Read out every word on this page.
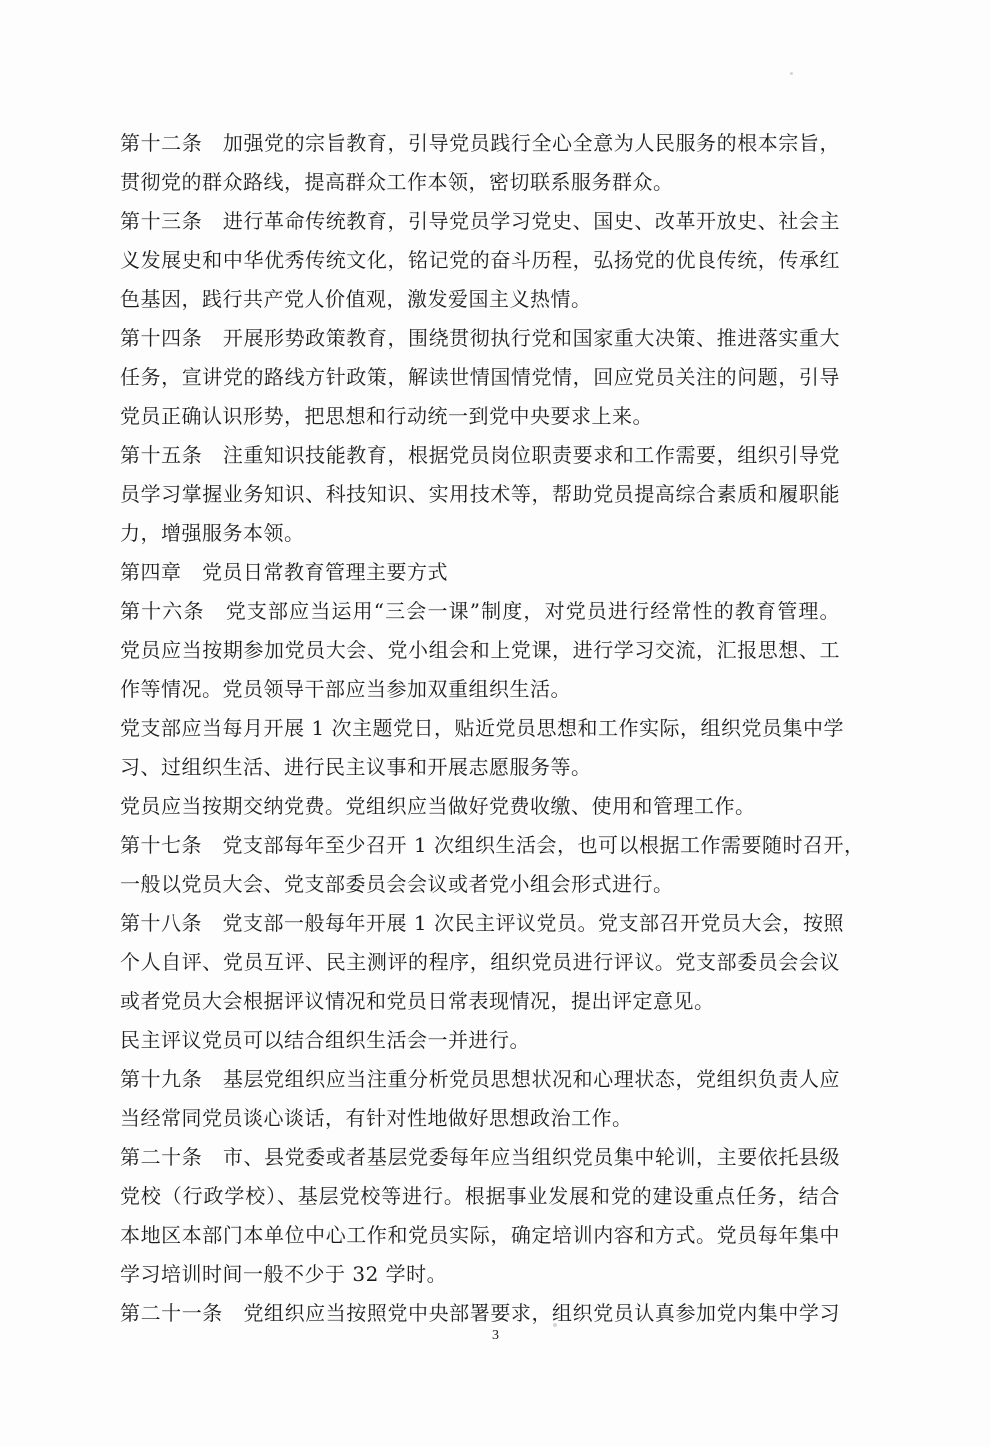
第十二条　加强党的宗旨教育，引导党员践行全心全意为人民服务的根本宗旨，
贯彻党的群众路线，提高群众工作本领，密切联系服务群众。
第十三条　进行革命传统教育，引导党员学习党史、国史、改革开放史、社会主
义发展史和中华优秀传统文化，铭记党的奋斗历程，弘扬党的优良传统，传承红
色基因，践行共产党人价值观，激发爱国主义热情。
第十四条　开展形势政策教育，围绕贯彻执行党和国家重大决策、推进落实重大
任务，宣讲党的路线方针政策，解读世情国情党情，回应党员关注的问题，引导
党员正确认识形势，把思想和行动统一到党中央要求上来。
第十五条　注重知识技能教育，根据党员岗位职责要求和工作需要，组织引导党
员学习掌握业务知识、科技知识、实用技术等，帮助党员提高综合素质和履职能
力，增强服务本领。
第四章　党员日常教育管理主要方式
第十六条　党支部应当运用“三会一课”制度，对党员进行经常性的教育管理。
党员应当按期参加党员大会、党小组会和上党课，进行学习交流，汇报思想、工
作等情况。党员领导干部应当参加双重组织生活。
党支部应当每月开展 1 次主题党日，贴近党员思想和工作实际，组织党员集中学
习、过组织生活、进行民主议事和开展志愿服务等。
党员应当按期交纳党费。党组织应当做好党费收缴、使用和管理工作。
第十七条　党支部每年至少召开 1 次组织生活会，也可以根据工作需要随时召开，
一般以党员大会、党支部委员会会议或者党小组会形式进行。
第十八条　党支部一般每年开展 1 次民主评议党员。党支部召开党员大会，按照
个人自评、党员互评、民主测评的程序，组织党员进行评议。党支部委员会会议
或者党员大会根据评议情况和党员日常表现情况，提出评定意见。
民主评议党员可以结合组织生活会一并进行。
第十九条　基层党组织应当注重分析党员思想状况和心理状态，党组织负责人应
当经常同党员谈心谈话，有针对性地做好思想政治工作。
第二十条　市、县党委或者基层党委每年应当组织党员集中轮训，主要依托县级
党校（行政学校）、基层党校等进行。根据事业发展和党的建设重点任务，结合
本地区本部门本单位中心工作和党员实际，确定培训内容和方式。党员每年集中
学习培训时间一般不少于 32 学时。
第二十一条　党组织应当按照党中央部署要求，组织党员认真参加党内集中学习
3
